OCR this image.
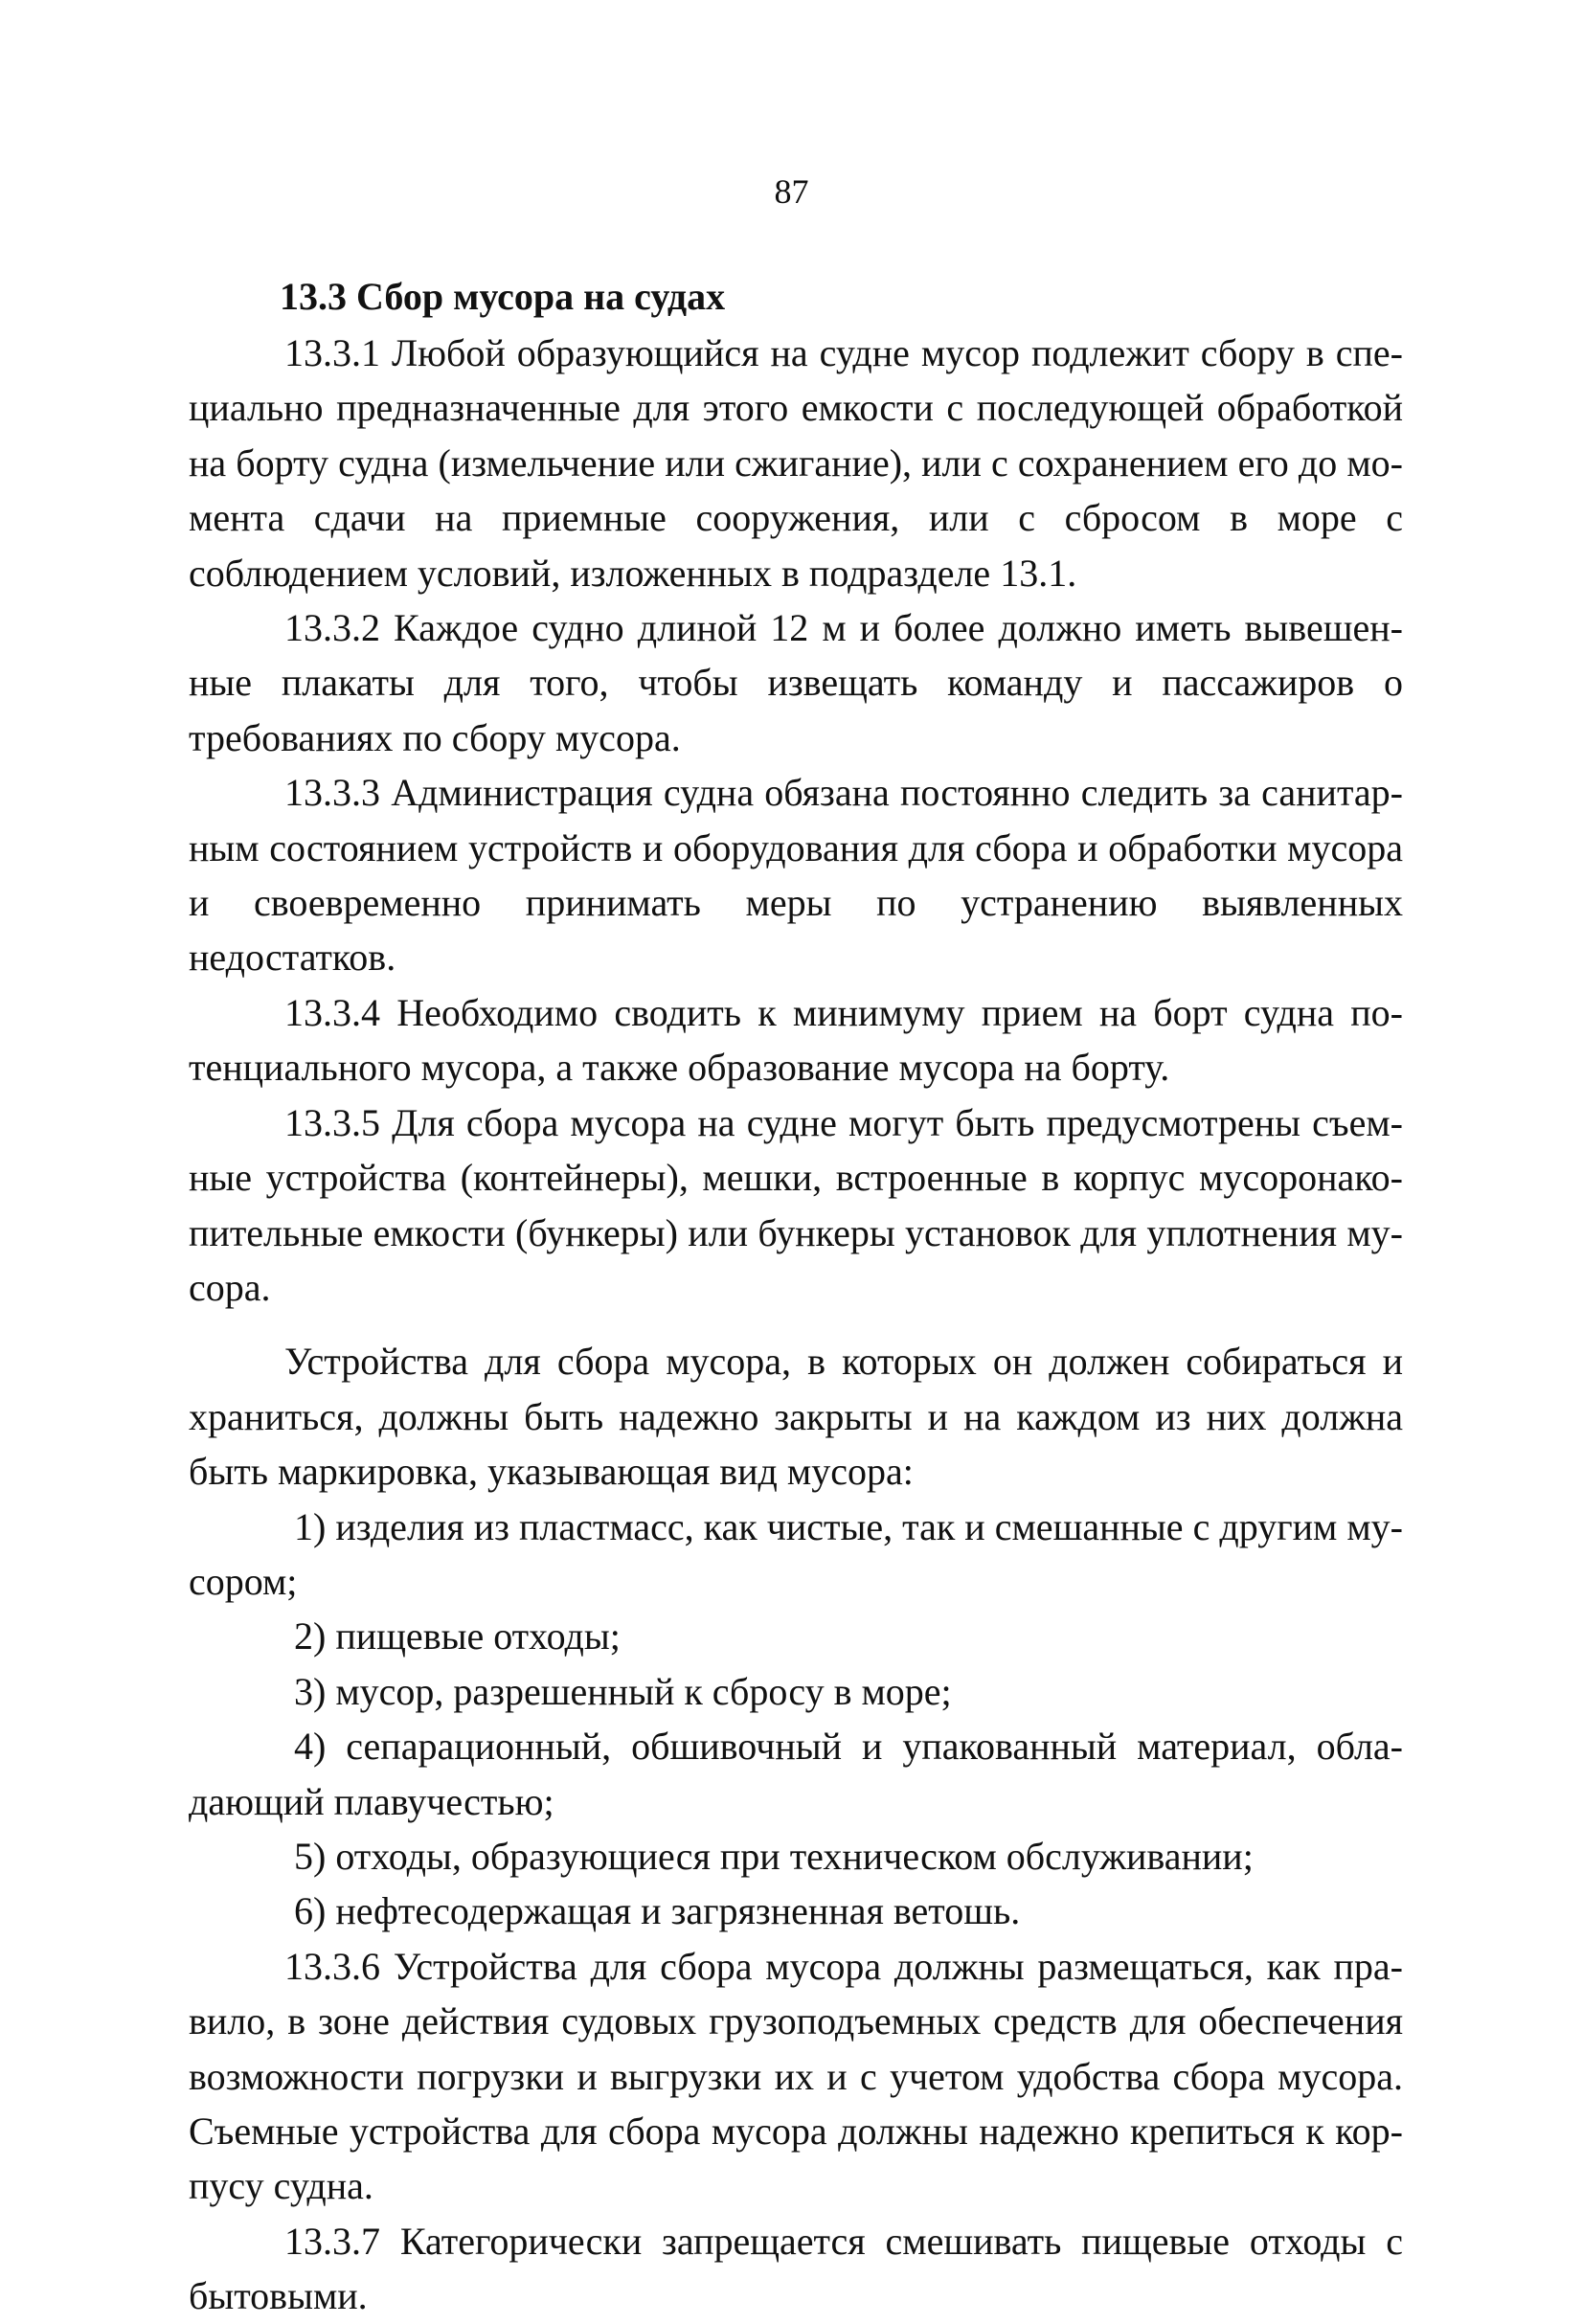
87
13.3 Сбор мусора на судах

13.3.1 Любой образующийся на судне мусор подлежит сбору в специально предназначенные для этого емкости с последующей обработкой на борту судна (измельчение или сжигание), или с сохранением его до момента сдачи на приемные сооружения, или с сбросом в море с соблюдением условий, изложенных в подразделе 13.1.

13.3.2 Каждое судно длиной 12 м и более должно иметь вывешенные плакаты для того, чтобы извещать команду и пассажиров о требованиях по сбору мусора.

13.3.3 Администрация судна обязана постоянно следить за санитарным состоянием устройств и оборудования для сбора и обработки мусора и своевременно принимать меры по устранению выявленных недостатков.

13.3.4 Необходимо сводить к минимуму прием на борт судна потенциального мусора, а также образование мусора на борту.

13.3.5 Для сбора мусора на судне могут быть предусмотрены съемные устройства (контейнеры), мешки, встроенные в корпус мусоронакопительные емкости (бункеры) или бункеры установок для уплотнения мусора.

Устройства для сбора мусора, в которых он должен собираться и храниться, должны быть надежно закрыты и на каждом из них должна быть маркировка, указывающая вид мусора:

1) изделия из пластмасс, как чистые, так и смешанные с другим мусором;

2) пищевые отходы;

3) мусор, разрешенный к сбросу в море;

4) сепарационный, обшивочный и упакованный материал, обладающий плавучестью;

5) отходы, образующиеся при техническом обслуживании;

6) нефтесодержащая и загрязненная ветошь.

13.3.6 Устройства для сбора мусора должны размещаться, как правило, в зоне действия судовых грузоподъемных средств для обеспечения возможности погрузки и выгрузки их и с учетом удобства сбора мусора. Съемные устройства для сбора мусора должны надежно крепиться к корпусу судна.

13.3.7 Категорически запрещается смешивать пищевые отходы с бытовыми.
